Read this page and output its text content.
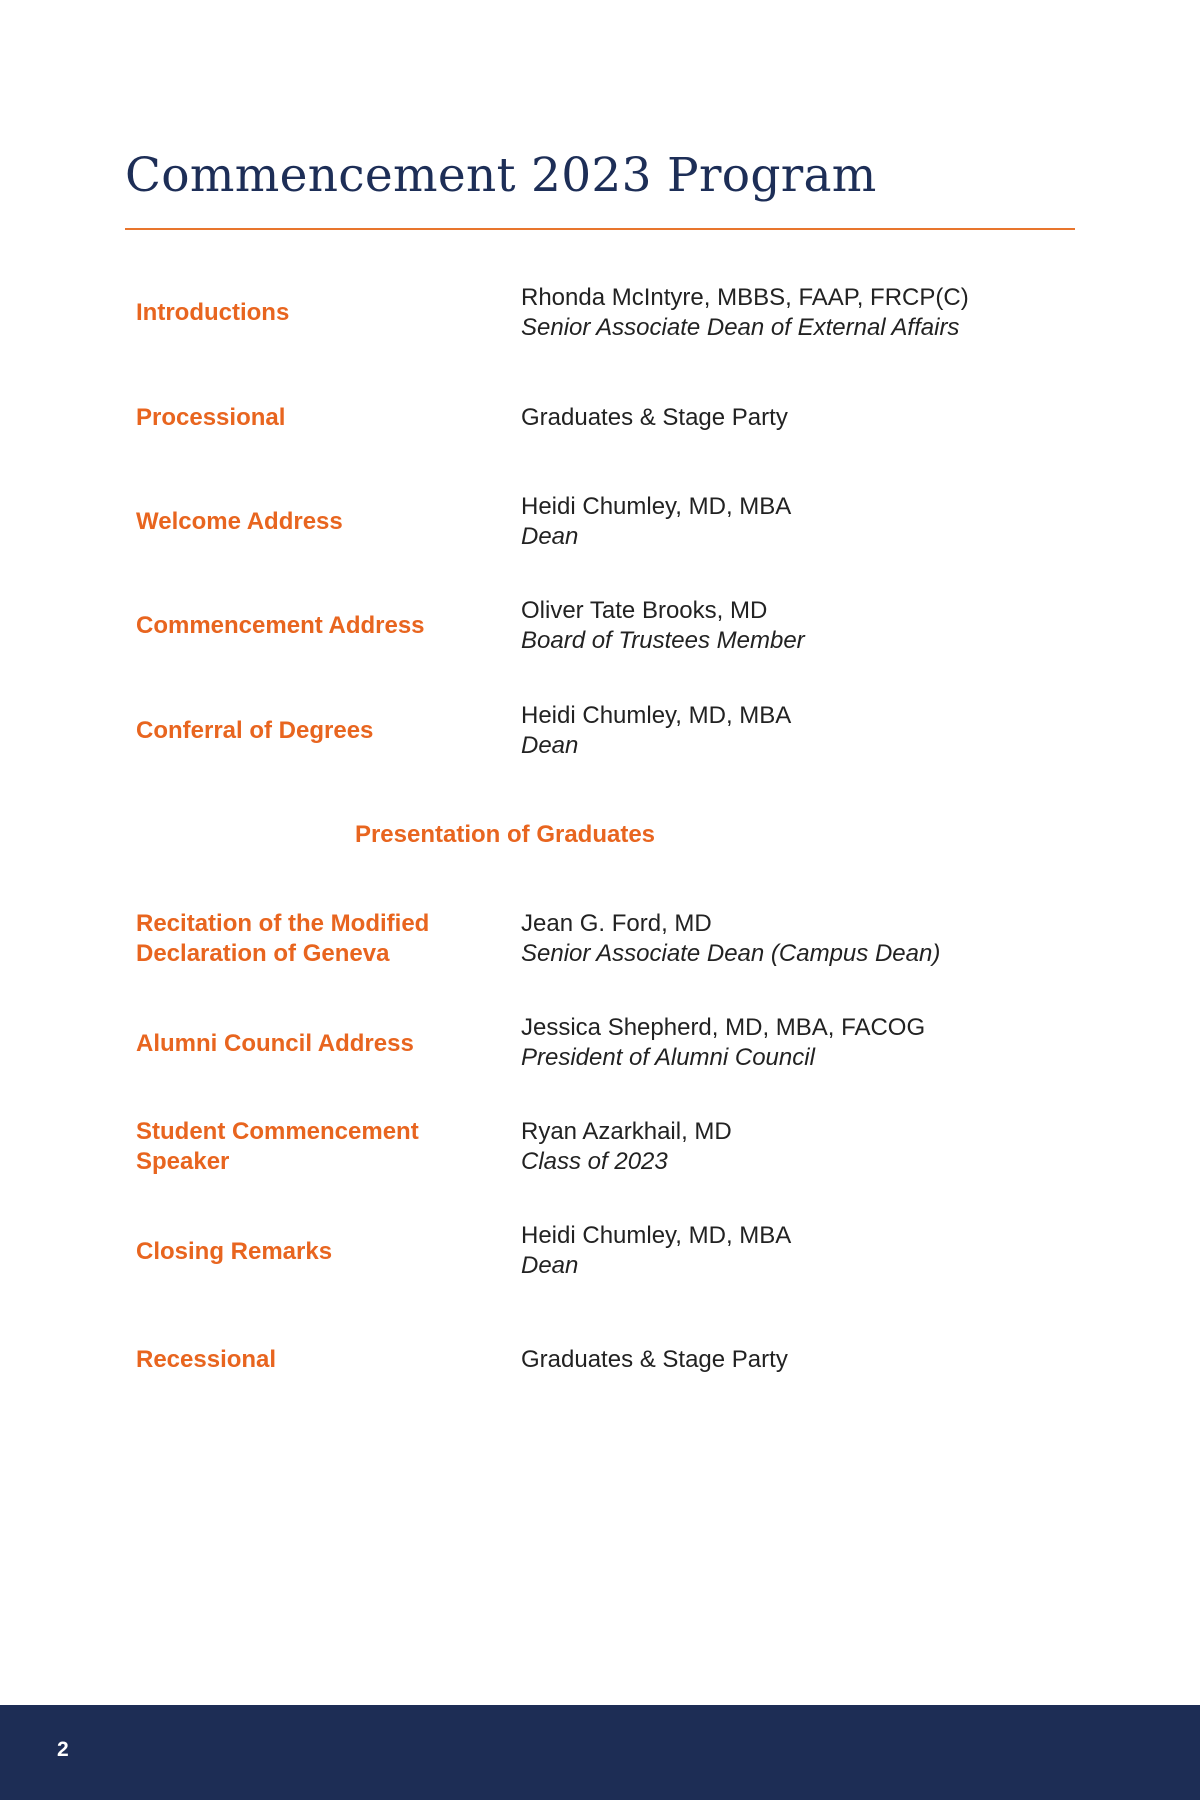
Commencement 2023 Program
Introductions
Rhonda McIntyre, MBBS, FAAP, FRCP(C)
Senior Associate Dean of External Affairs
Processional	Graduates & Stage Party
Welcome Address
Heidi Chumley, MD, MBA
Dean
Commencement Address
Oliver Tate Brooks, MD
Board of Trustees Member
Conferral of Degrees
Heidi Chumley, MD, MBA
Dean
Presentation of Graduates
Recitation of the Modified
Declaration of Geneva
Jean G. Ford, MD
Senior Associate Dean (Campus Dean)
Alumni Council Address
Jessica Shepherd, MD, MBA, FACOG
President of Alumni Council
Student Commencement
Speaker
Ryan Azarkhail, MD
Class of 2023
Closing Remarks
Heidi Chumley, MD, MBA
Dean
Recessional	Graduates & Stage Party
2
